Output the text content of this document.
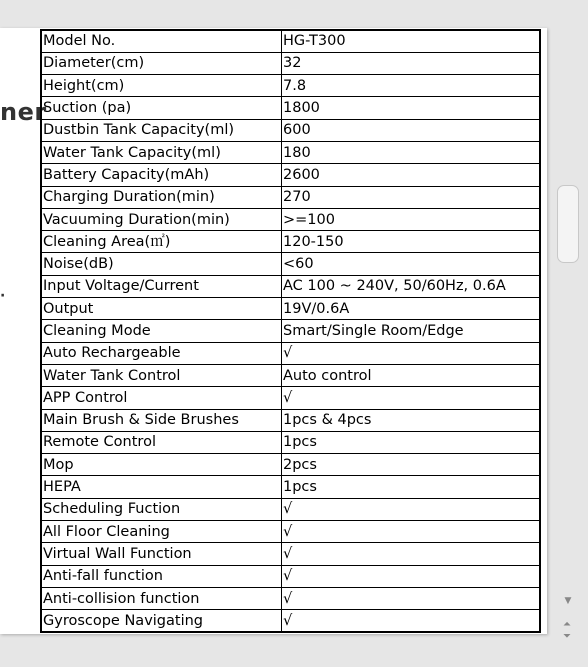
ner
·
Model No.	HG-T300
Diameter(cm)	32
Height(cm)	7.8
Suction (pa)	1800
Dustbin Tank Capacity(ml)	600
Water Tank Capacity(ml)	180
Battery Capacity(mAh)	2600
Charging Duration(min)	270
Vacuuming Duration(min)	>=100
Cleaning Area(㎡)	120-150
Noise(dB)	<60
Input Voltage/Current	AC 100 ~ 240V, 50/60Hz, 0.6A
Output	19V/0.6A
Cleaning Mode	Smart/Single Room/Edge
Auto Rechargeable	√
Water Tank Control	Auto control
APP Control	√
Main Brush & Side Brushes	1pcs & 4pcs
Remote Control	1pcs
Mop	2pcs
HEPA	1pcs
Scheduling Fuction	√
All Floor Cleaning	√
Virtual Wall Function	√
Anti-fall function	√
Anti-collision function	√
Gyroscope Navigating	√
▼
⏶
⏷
